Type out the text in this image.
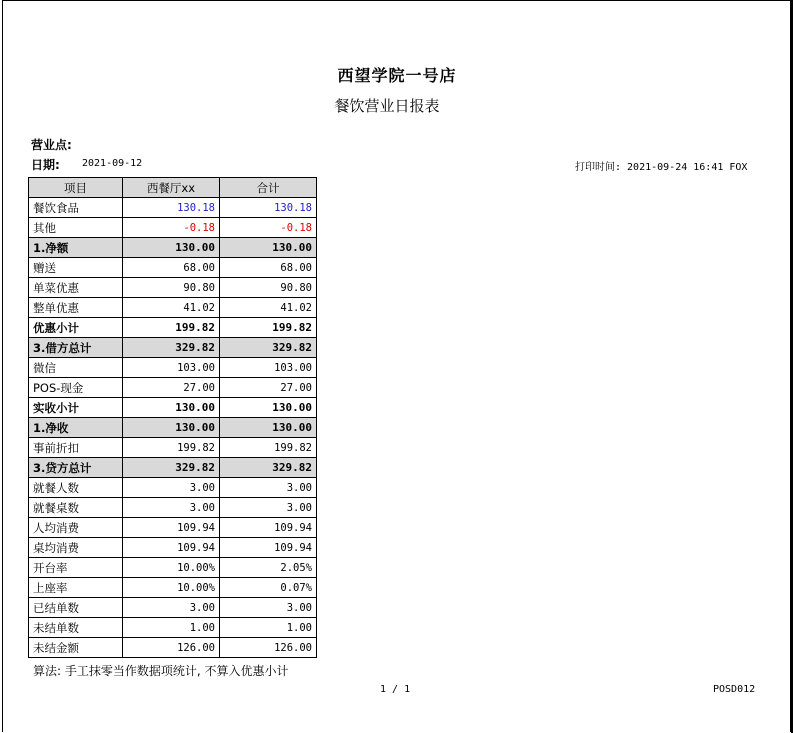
西望学院一号店
餐饮营业日报表
营业点:
日期: 2021-09-12	打印时间: 2021-09-24 16:41 FOX
项目	西餐厅xx	合计
餐饮食品	130.18	130.18
其他	-0.18	-0.18
1.净额	130.00	130.00
赠送	68.00	68.00
单菜优惠	90.80	90.80
整单优惠	41.02	41.02
优惠小计	199.82	199.82
3.借方总计	329.82	329.82
微信	103.00	103.00
POS-现金	27.00	27.00
实收小计	130.00	130.00
1.净收	130.00	130.00
事前折扣	199.82	199.82
3.贷方总计	329.82	329.82
就餐人数	3.00	3.00
就餐桌数	3.00	3.00
人均消费	109.94	109.94
桌均消费	109.94	109.94
开台率	10.00%	2.05%
上座率	10.00%	0.07%
已结单数	3.00	3.00
未结单数	1.00	1.00
未结金额	126.00	126.00
算法: 手工抹零当作数据项统计, 不算入优惠小计
1 / 1	POSD012
